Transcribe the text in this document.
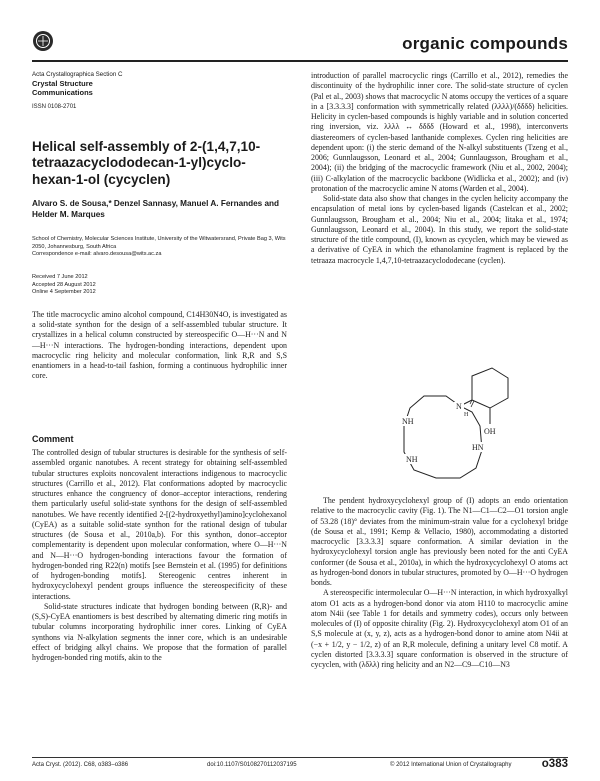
organic compounds
Acta Crystallographica Section C
Crystal Structure
Communications
ISSN 0108-2701
Helical self-assembly of 2-(1,4,7,10-tetraazacyclododecan-1-yl)cyclo-hexan-1-ol (cycyclen)
Alvaro S. de Sousa,* Denzel Sannasy, Manuel A. Fernandes and Helder M. Marques
School of Chemistry, Molecular Sciences Institute, University of the Witwatersrand, Private Bag 3, Wits 2050, Johannesburg, South Africa
Correspondence e-mail: alvaro.desousa@wits.ac.za
Received 7 June 2012
Accepted 28 August 2012
Online 4 September 2012
The title macrocyclic amino alcohol compound, C14H30N4O, is investigated as a solid-state synthon for the design of a self-assembled tubular structure. It crystallizes in a helical column constructed by stereospecific O—H···N and N—H···N interactions. The hydrogen-bonding interactions, dependent upon macrocyclic ring helicity and molecular conformation, link R,R and S,S enantiomers in a head-to-tail fashion, forming a continuous hydrophilic inner core.
Comment

The controlled design of tubular structures is desirable for the synthesis of self-assembled organic nanotubes. A recent strategy for obtaining self-assembled tubular structures exploits noncovalent interactions indigenous to macrocyclic structures (Carrillo et al., 2012). Flat conformations adopted by macrocyclic structures enhance the congruency of donor–acceptor interactions, rendering them particularly useful solid-state synthons for the design of self-assembled nanotubes. We have recently identified 2-[(2-hydroxyethyl)amino]cyclohexanol (CyEA) as a suitable solid-state synthon for the rational design of tubular structures (de Sousa et al., 2010a,b). For this synthon, donor–acceptor complementarity is dependent upon molecular conformation, where O—H···N and N—H···O hydrogen-bonding interactions favour the formation of hydrogen-bonded ring R22(n) motifs [see Bernstein et al. (1995) for definitions of hydrogen-bonding motifs]. Stereogenic centres inherent in hydroxycyclohexyl pendent groups influence the stereospecificity of these interactions.

Solid-state structures indicate that hydrogen bonding between (R,R)- and (S,S)-CyEA enantiomers is best described by alternating dimeric ring motifs in tubular columns incorporating hydrophilic inner cores. Linking of CyEA synthons via N-alkylation segments the inner core, which is an undesirable effect of bridging alkyl chains. We propose that the formation of parallel hydrogen-bonded ring motifs, akin to the

introduction of parallel macrocyclic rings (Carrillo et al., 2012), remedies the discontinuity of the hydrophilic inner core. The solid-state structure of cyclen (Pal et al., 2003) shows that macrocyclic N atoms occupy the vertices of a square in a [3.3.3.3] conformation with symmetrically related (λλλλ)/(δδδδ) helicities. Helicity in cyclen-based compounds is highly variable and in solution concerted ring inversion, viz. λλλλ ↔ δδδδ (Howard et al., 1998), interconverts diastereomers of cyclen-based lanthanide complexes. Cyclen ring helicities are dependent upon: (i) the steric demand of the N-alkyl substituents (Tzeng et al., 2006; Gunnlaugsson, Leonard et al., 2004; Gunnlaugsson, Brougham et al., 2004); (ii) the bridging of the macrocyclic framework (Niu et al., 2002, 2004); (iii) C-alkylation of the macrocyclic backbone (Widlicka et al., 2002); and (iv) protonation of the macrocyclic amine N atoms (Warden et al., 2004).

Solid-state data also show that changes in the cyclen helicity accompany the encapsulation of metal ions by cyclen-based ligands (Castelcan et al., 2002; Gunnlaugsson, Brougham et al., 2004; Niu et al., 2004; Iitaka et al., 1974; Gunnlaugsson, Leonard et al., 2004). In this study, we report the solid-state structure of the title compound, (I), known as cycyclen, which may be viewed as a derivative of CyEA in which the ethanolamine fragment is replaced by the tetraaza macrocycle 1,4,7,10-tetraazacyclododecane (cyclen).

NH
N
HN
NH
OH
H

The pendent hydroxycyclohexyl group of (I) adopts an endo orientation relative to the macrocyclic cavity (Fig. 1). The N1—C1—C2—O1 torsion angle of 53.28 (18)° deviates from the minimum-strain value for a cyclohexyl bridge (de Sousa et al., 1991; Kemp & Vellacio, 1980), accommodating a distorted macrocyclic [3.3.3.3] square conformation. A similar deviation in the hydroxycyclohexyl torsion angle has previously been noted for the anti CyEA conformer (de Sousa et al., 2010a), in which the hydroxycyclohexyl O atoms act as hydrogen-bond donors in tubular structures, promoted by O—H···O hydrogen bonds.

A stereospecific intermolecular O—H···N interaction, in which hydroxyalkyl atom O1 acts as a hydrogen-bond donor via atom H110 to macrocyclic amine atom N4ii (see Table 1 for details and symmetry codes), occurs only between molecules of (I) of opposite chirality (Fig. 2). Hydroxycyclohexyl atom O1 of an S,S molecule at (x, y, z), acts as a hydrogen-bond donor to amine atom N4ii at (−x + 1/2, y − 1/2, z) of an R,R molecule, defining a unitary level C8 motif. A cyclen distorted [3.3.3.3] square conformation is observed in the structure of cycyclen, with (λδλλ) ring helicity and an N2—C9—C10—N3

Acta Cryst. (2012). C68, o383–o386	doi:10.1107/S0108270112037195	© 2012 International Union of Crystallography	o383
